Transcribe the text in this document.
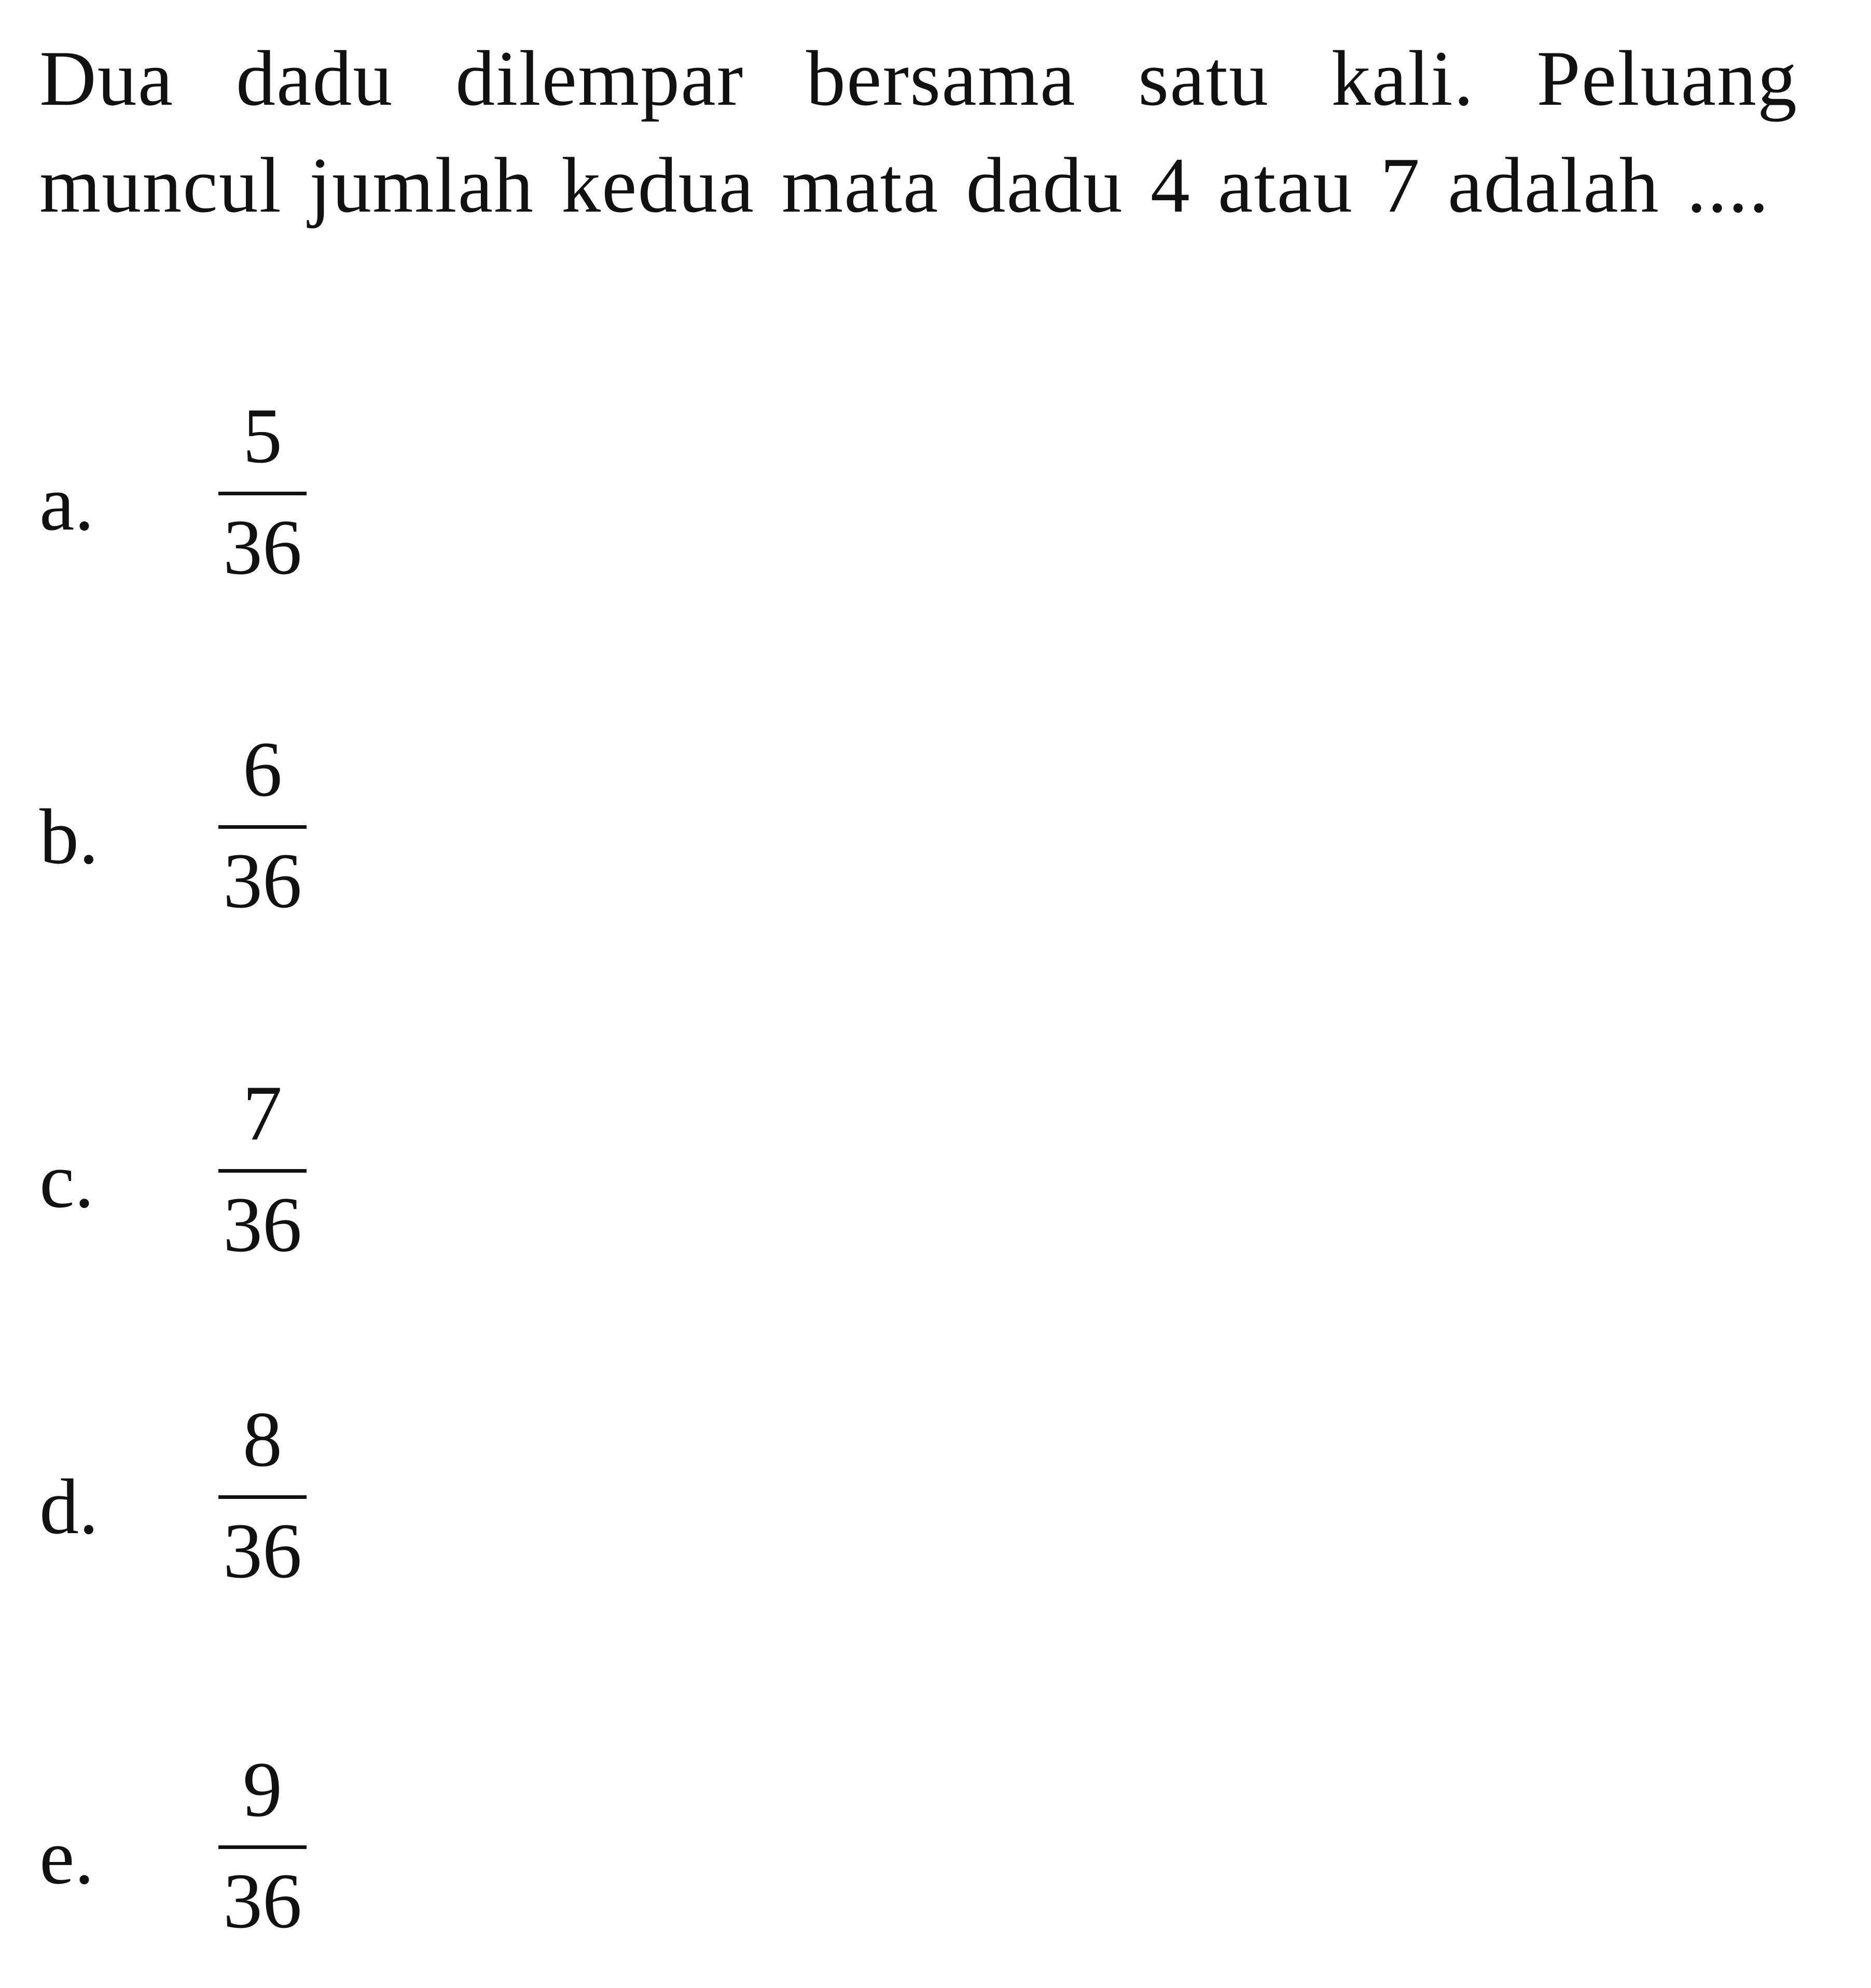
Dua dadu dilempar bersama satu kali. Peluang muncul jumlah kedua mata dadu 4 atau 7 adalah ....
a.
5
36
b.
6
36
c.
7
36
d.
8
36
e.
9
36
